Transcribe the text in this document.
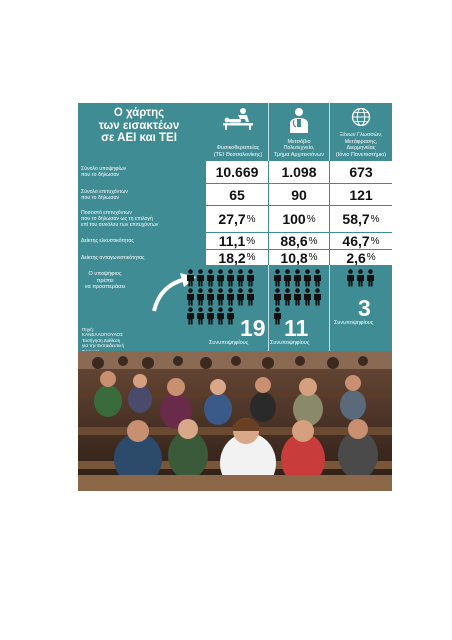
Ο χάρτης
των εισακτέων
σε ΑΕΙ και ΤΕΙ
Φυσικοθεραπείας
(ΤΕΙ Θεσσαλονίκης)
Μετσόβιο
Πολυτεχνείο,
Τμήμα Αρχιτεκτόνων
Ξένων Γλωσσών,
Μετάφρασης,
Διερμηνείας
(Ιόνιο Πανεπιστήμιο)
Σύνολο υποψηφίων
που το δήλωσαν	10.669 1.098 673
Σύνολο επιτυχόντων
που το δήλωσαν	65	90	121
Ποσοστό επιτυχόντων
που το δήλωσαν ως τη επιλογή
επί του συνόλου των επιτυχόντων	27,7 % 100 % 58,7 %
Δείκτης ελκυστικότητας	11,1 % 88,6 % 46,7 %
Δείκτης ανταγωνιστικότητας	18,2 % 10,8 % 2,6 %
Ο υποψήφιος
πρέπει
να προσπεράσει
Πηγή:
ΚΑΝΕΛΛΟΠΟΥΛΟΣ 'Εισήγηση Διάθεση
για την Εκπαιδευτική
19
Συνυποψηφίους
11
Συνυποψηφίους
3
Συνυποψηφίους
